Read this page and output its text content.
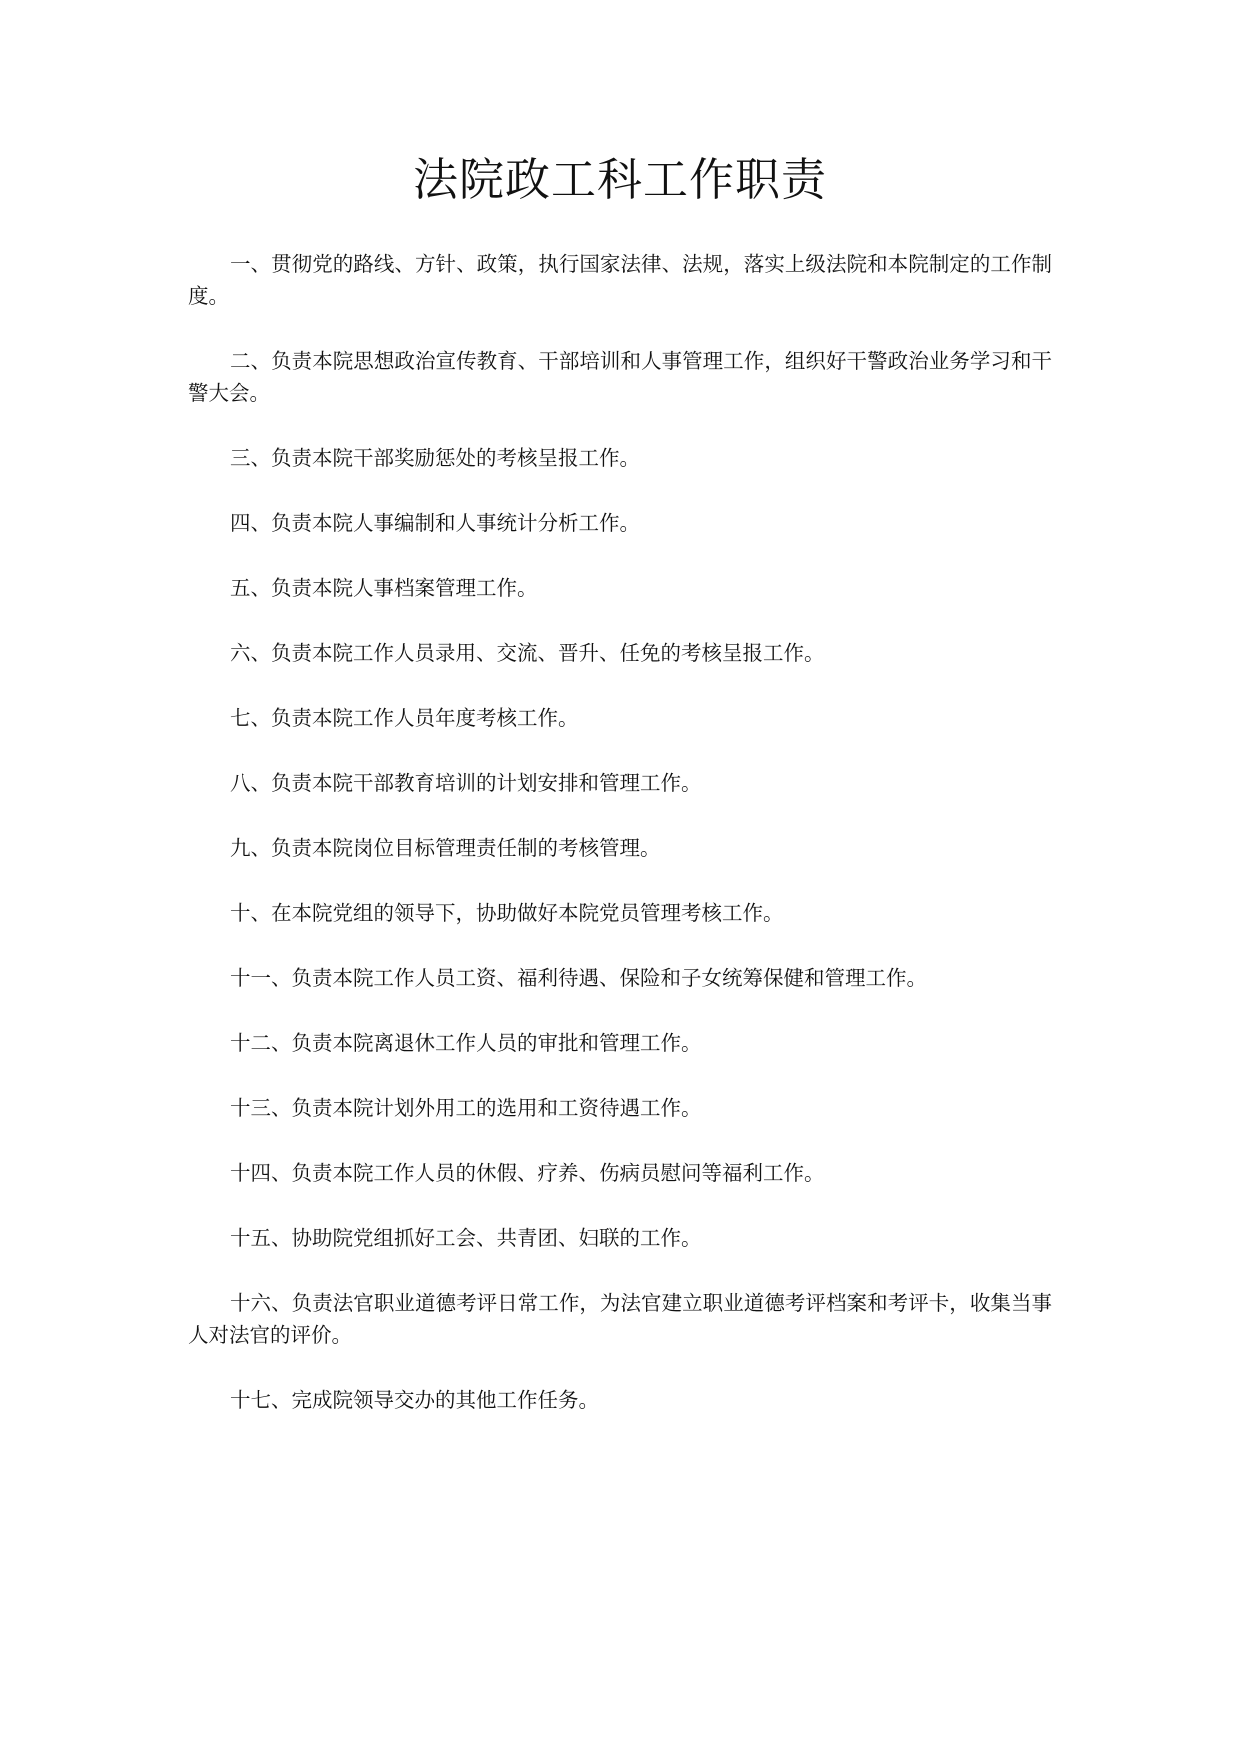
法院政工科工作职责

一、贯彻党的路线、方针、政策，执行国家法律、法规，落实上级法院和本院制定的工作制度。

二、负责本院思想政治宣传教育、干部培训和人事管理工作，组织好干警政治业务学习和干警大会。

三、负责本院干部奖励惩处的考核呈报工作。

四、负责本院人事编制和人事统计分析工作。

五、负责本院人事档案管理工作。

六、负责本院工作人员录用、交流、晋升、任免的考核呈报工作。

七、负责本院工作人员年度考核工作。

八、负责本院干部教育培训的计划安排和管理工作。

九、负责本院岗位目标管理责任制的考核管理。

十、在本院党组的领导下，协助做好本院党员管理考核工作。

十一、负责本院工作人员工资、福利待遇、保险和子女统筹保健和管理工作。

十二、负责本院离退休工作人员的审批和管理工作。

十三、负责本院计划外用工的选用和工资待遇工作。

十四、负责本院工作人员的休假、疗养、伤病员慰问等福利工作。

十五、协助院党组抓好工会、共青团、妇联的工作。

十六、负责法官职业道德考评日常工作，为法官建立职业道德考评档案和考评卡，收集当事人对法官的评价。

十七、完成院领导交办的其他工作任务。
